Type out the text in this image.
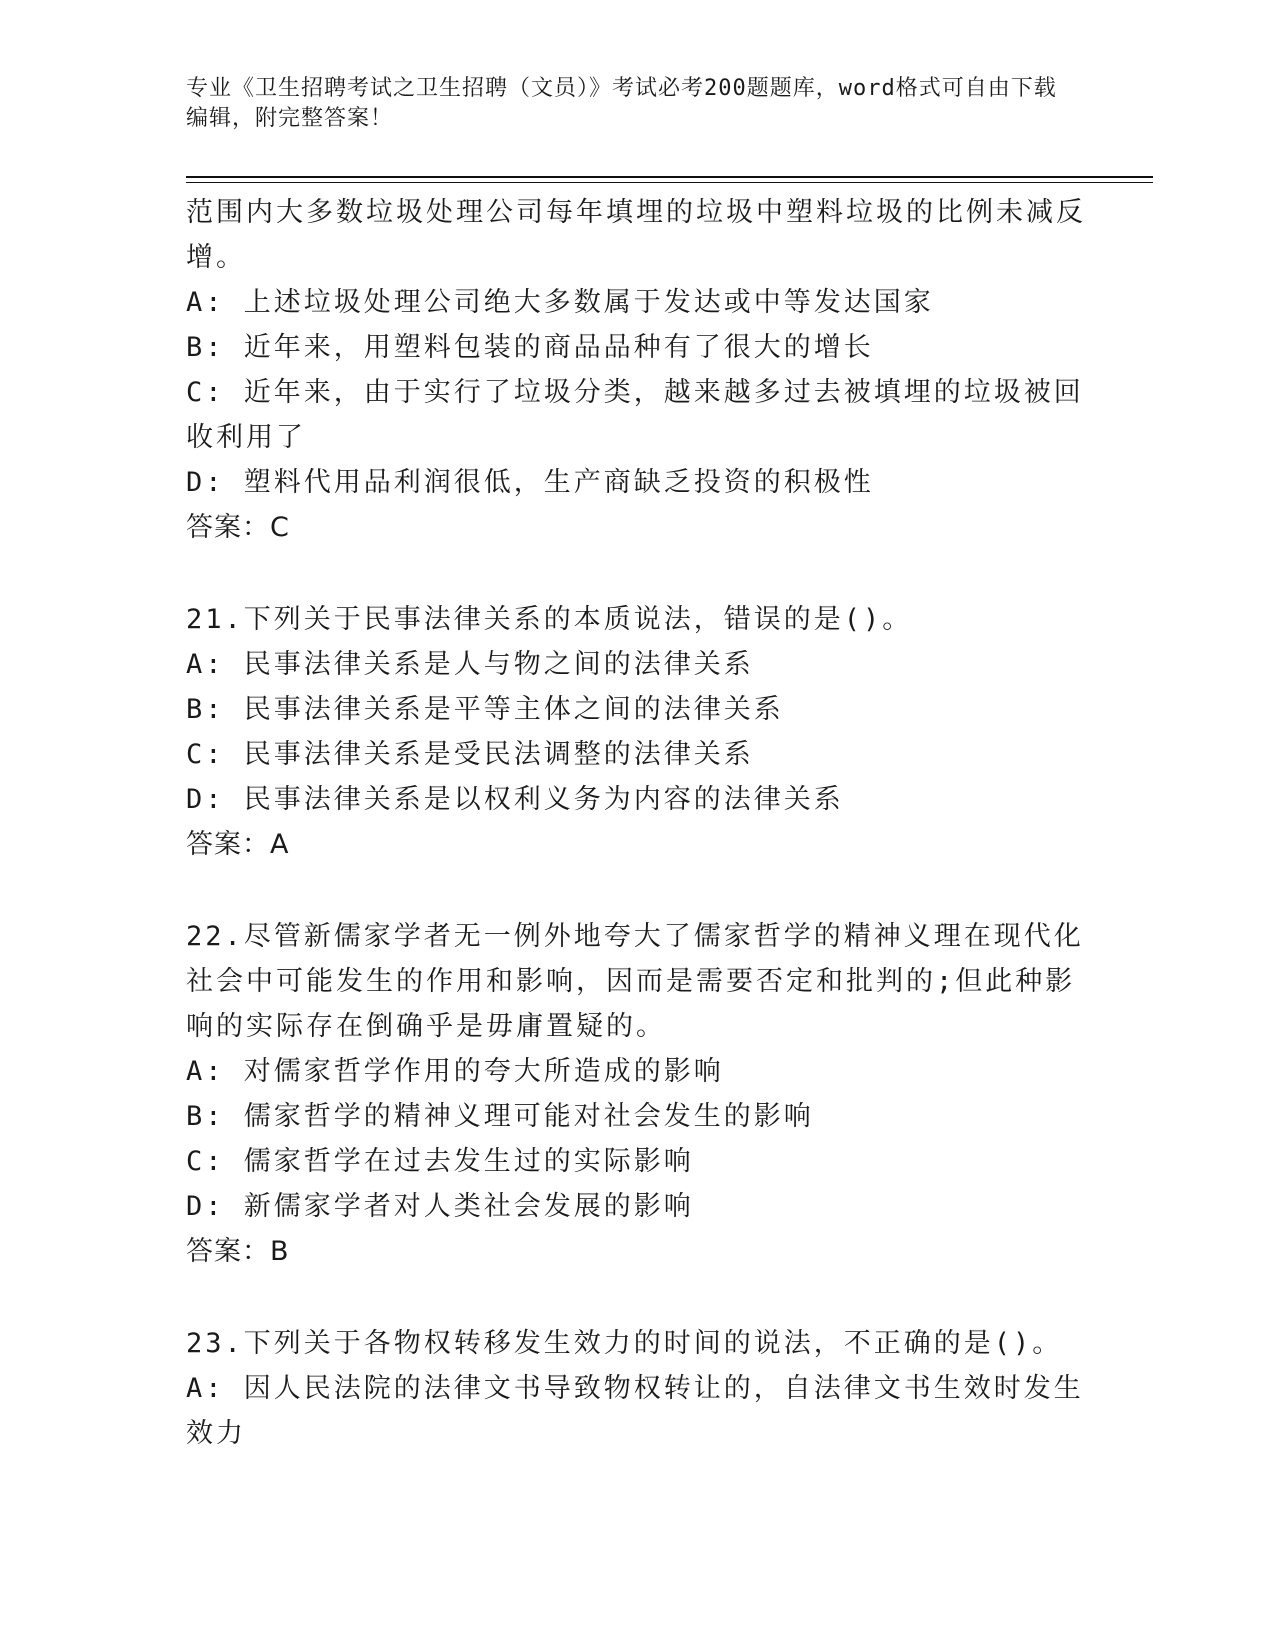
专业《卫生招聘考试之卫生招聘（文员）》考试必考200题题库，word格式可自由下载编辑，附完整答案！

范围内大多数垃圾处理公司每年填埋的垃圾中塑料垃圾的比例未减反增。

A: 上述垃圾处理公司绝大多数属于发达或中等发达国家

B: 近年来，用塑料包装的商品品种有了很大的增长

C: 近年来，由于实行了垃圾分类，越来越多过去被填埋的垃圾被回收利用了

D: 塑料代用品利润很低，生产商缺乏投资的积极性

答案：C

21.下列关于民事法律关系的本质说法，错误的是()。

A: 民事法律关系是人与物之间的法律关系

B: 民事法律关系是平等主体之间的法律关系

C: 民事法律关系是受民法调整的法律关系

D: 民事法律关系是以权利义务为内容的法律关系

答案：A

22.尽管新儒家学者无一例外地夸大了儒家哲学的精神义理在现代化社会中可能发生的作用和影响，因而是需要否定和批判的;但此种影响的实际存在倒确乎是毋庸置疑的。

A: 对儒家哲学作用的夸大所造成的影响

B: 儒家哲学的精神义理可能对社会发生的影响

C: 儒家哲学在过去发生过的实际影响

D: 新儒家学者对人类社会发展的影响

答案：B

23.下列关于各物权转移发生效力的时间的说法，不正确的是()。

A: 因人民法院的法律文书导致物权转让的，自法律文书生效时发生效力
